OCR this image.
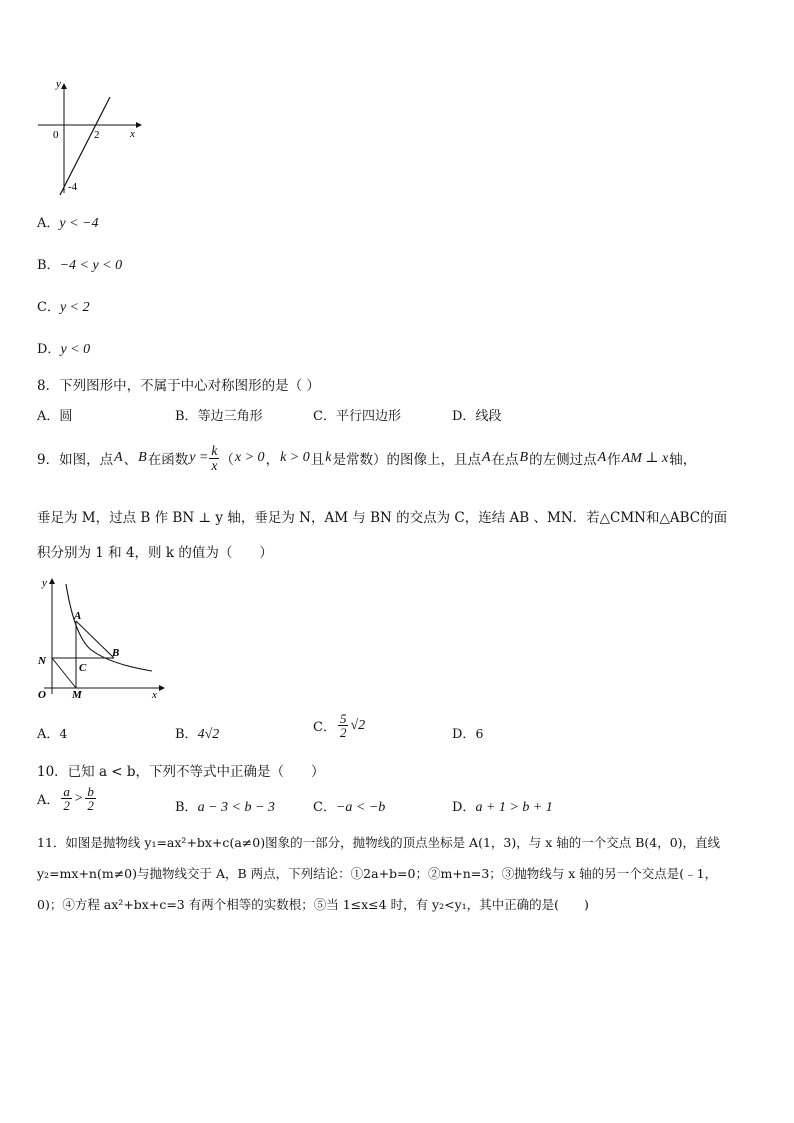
y
x
0	2
-4
A．y < −4
B．−4 < y < 0
C．y < 2
D．y < 0
8．下列图形中，不属于中心对称图形的是（ ）
A．圆	B．等边三角形	C．平行四边形	D．线段
9．如图，点 A 、 B 在函数 $y = \frac{k}{x}$ （ x > 0 ， k > 0 且 k 是常数）的图像上，且点 A 在点 B 的左侧过点 A 作 AM ⊥ x 轴，
垂足为 M，过点 B 作 BN ⊥ y 轴，垂足为 N，AM 与 BN 的交点为 C，连结 AB 、MN．若△CMN和△ABC的面
积分别为 1 和 4，则 k 的值为（　　）
y
x
O M
N
A
B
C
A．4	B．4√2	C． $\frac{5}{2} √2$
D．6
10．已知 a < b，下列不等式中正确是（　　）
A． $\frac{a}{2} > \frac{b}{2}$	B．a − 3 < b − 3	C．−a < −b	D．a + 1 > b + 1
11．如图是抛物线 y₁=ax²+bx+c(a≠0)图象的一部分，抛物线的顶点坐标是 A(1，3)，与 x 轴的一个交点 B(4，0)，直线
y₂=mx+n(m≠0)与抛物线交于 A，B 两点，下列结论：①2a+b=0；②m+n=3；③抛物线与 x 轴的另一个交点是(﹣1，
0)；④方程 ax²+bx+c=3 有两个相等的实数根；⑤当 1≤x≤4 时，有 y₂<y₁，其中正确的是(　　)
